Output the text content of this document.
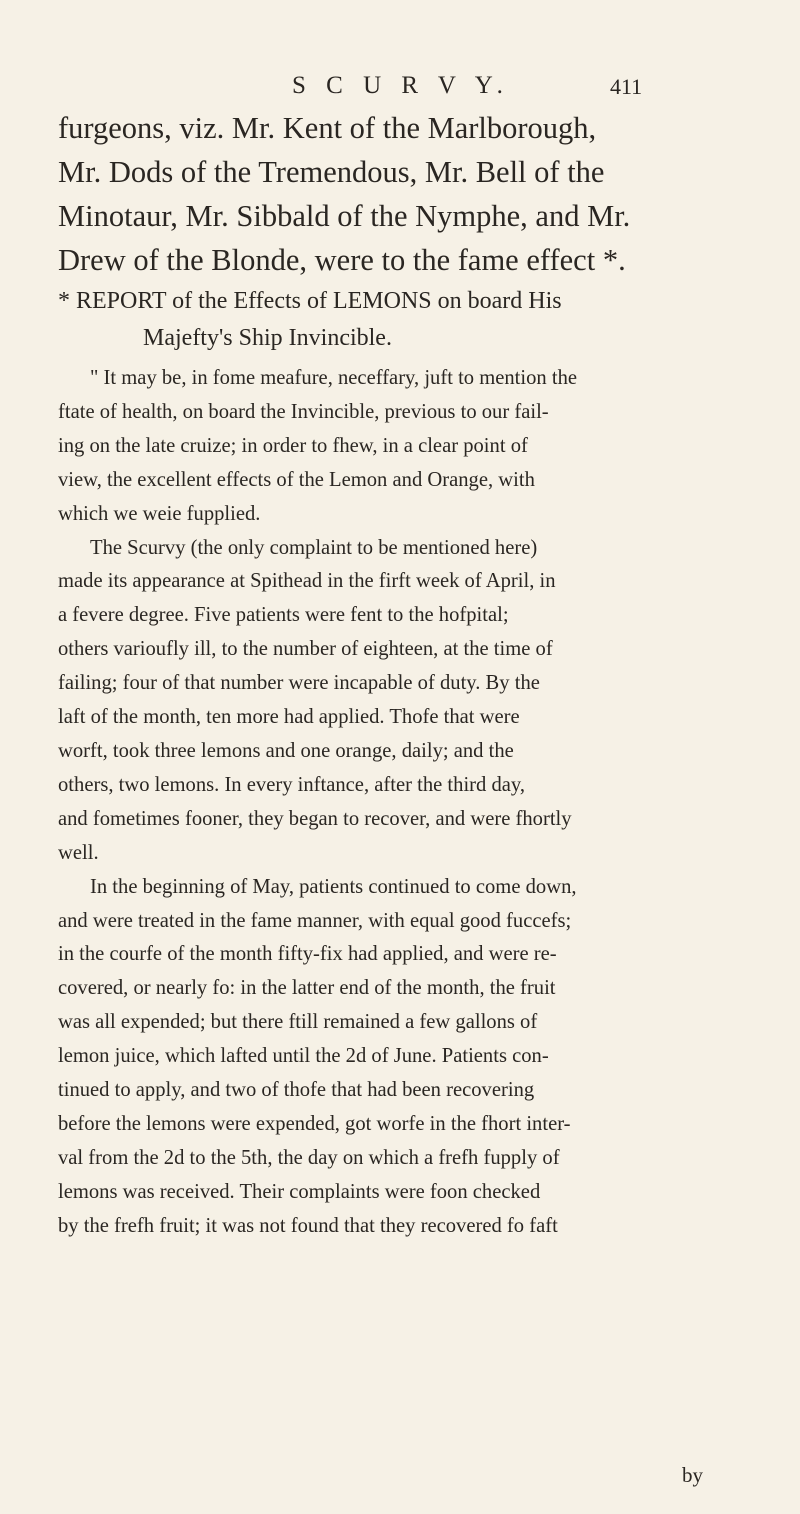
S C U R V Y.	411
furgeons, viz. Mr. Kent of the Marlborough,
Mr. Dods of the Tremendous, Mr. Bell of the
Minotaur, Mr. Sibbald of the Nymphe, and Mr.
Drew of the Blonde, were to the fame effect *.
* REPORT of the Effects of LEMONS on board His
Majefty's Ship Invincible.
" It may be, in fome meafure, neceffary, juft to mention the
ftate of health, on board the Invincible, previous to our fail-
ing on the late cruize; in order to fhew, in a clear point of
view, the excellent effects of the Lemon and Orange, with
which we weie fupplied.
The Scurvy (the only complaint to be mentioned here)
made its appearance at Spithead in the firft week of April, in
a fevere degree. Five patients were fent to the hofpital;
others varioufly ill, to the number of eighteen, at the time of
failing; four of that number were incapable of duty. By the
laft of the month, ten more had applied. Thofe that were
worft, took three lemons and one orange, daily; and the
others, two lemons. In every inftance, after the third day,
and fometimes fooner, they began to recover, and were fhortly
well.
In the beginning of May, patients continued to come down,
and were treated in the fame manner, with equal good fuccefs;
in the courfe of the month fifty-fix had applied, and were re-
covered, or nearly fo: in the latter end of the month, the fruit
was all expended; but there ftill remained a few gallons of
lemon juice, which lafted until the 2d of June. Patients con-
tinued to apply, and two of thofe that had been recovering
before the lemons were expended, got worfe in the fhort inter-
val from the 2d to the 5th, the day on which a frefh fupply of
lemons was received. Their complaints were foon checked
by the frefh fruit; it was not found that they recovered fo faft
by
